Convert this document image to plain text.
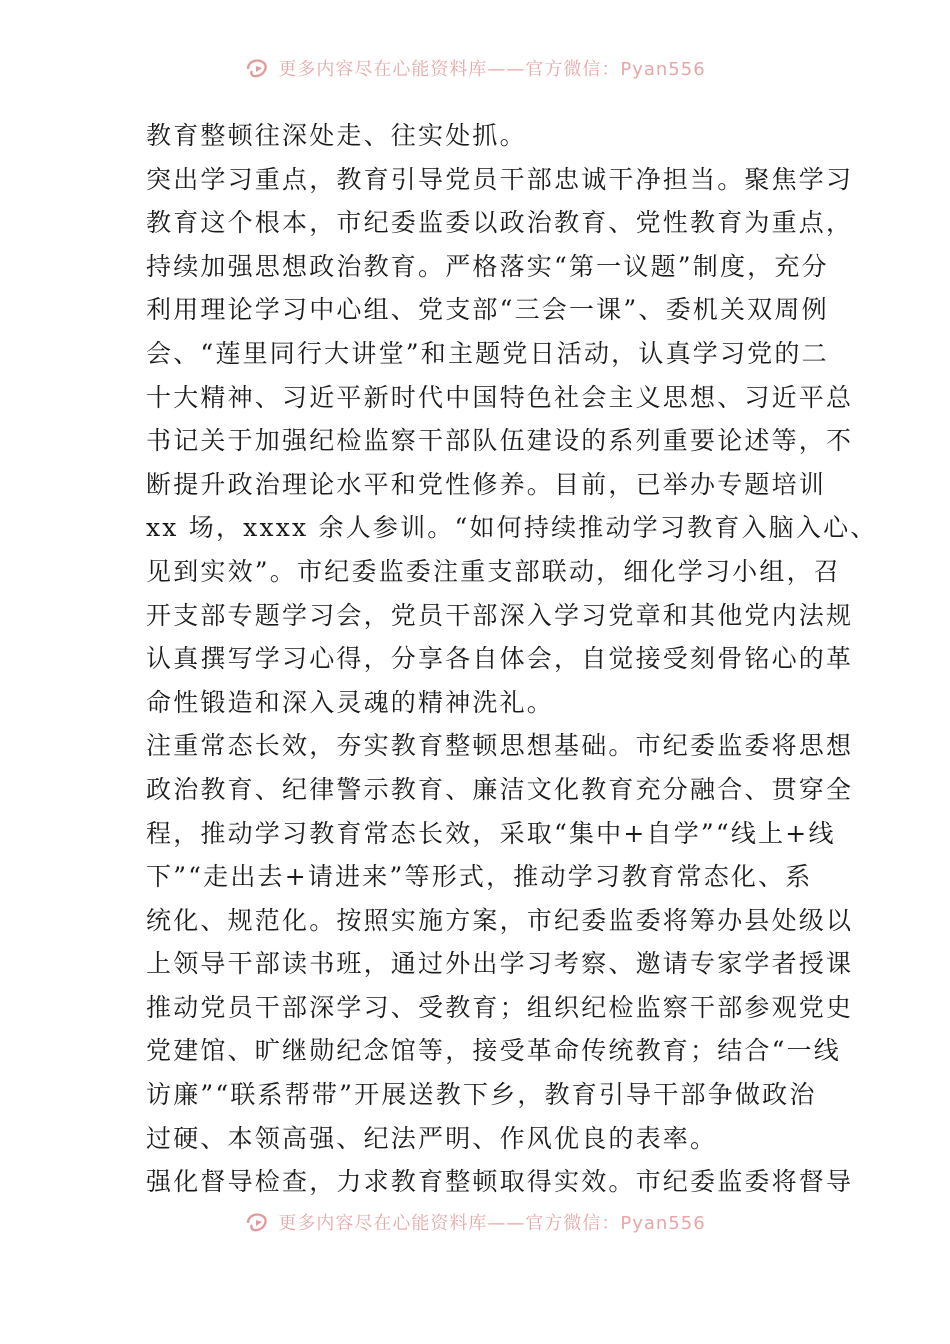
更多内容尽在心能资料库——官方微信：Pyan556
教育整顿往深处走、往实处抓。
突出学习重点，教育引导党员干部忠诚干净担当。聚焦学习
教育这个根本，市纪委监委以政治教育、党性教育为重点，
持续加强思想政治教育。严格落实“第一议题”制度，充分
利用理论学习中心组、党支部“三会一课”、委机关双周例
会、“莲里同行大讲堂”和主题党日活动，认真学习党的二
十大精神、习近平新时代中国特色社会主义思想、习近平总
书记关于加强纪检监察干部队伍建设的系列重要论述等，不
断提升政治理论水平和党性修养。目前，已举办专题培训
xx 场，xxxx 余人参训。“如何持续推动学习教育入脑入心、
见到实效”。市纪委监委注重支部联动，细化学习小组，召
开支部专题学习会，党员干部深入学习党章和其他党内法规
认真撰写学习心得，分享各自体会，自觉接受刻骨铭心的革
命性锻造和深入灵魂的精神洗礼。
注重常态长效，夯实教育整顿思想基础。市纪委监委将思想
政治教育、纪律警示教育、廉洁文化教育充分融合、贯穿全
程，推动学习教育常态长效，采取“集中+自学”“线上+线
下”“走出去+请进来”等形式，推动学习教育常态化、系
统化、规范化。按照实施方案，市纪委监委将筹办县处级以
上领导干部读书班，通过外出学习考察、邀请专家学者授课
推动党员干部深学习、受教育；组织纪检监察干部参观党史
党建馆、旷继勋纪念馆等，接受革命传统教育；结合“一线
访廉”“联系帮带”开展送教下乡，教育引导干部争做政治
过硬、本领高强、纪法严明、作风优良的表率。
强化督导检查，力求教育整顿取得实效。市纪委监委将督导
更多内容尽在心能资料库——官方微信：Pyan556
